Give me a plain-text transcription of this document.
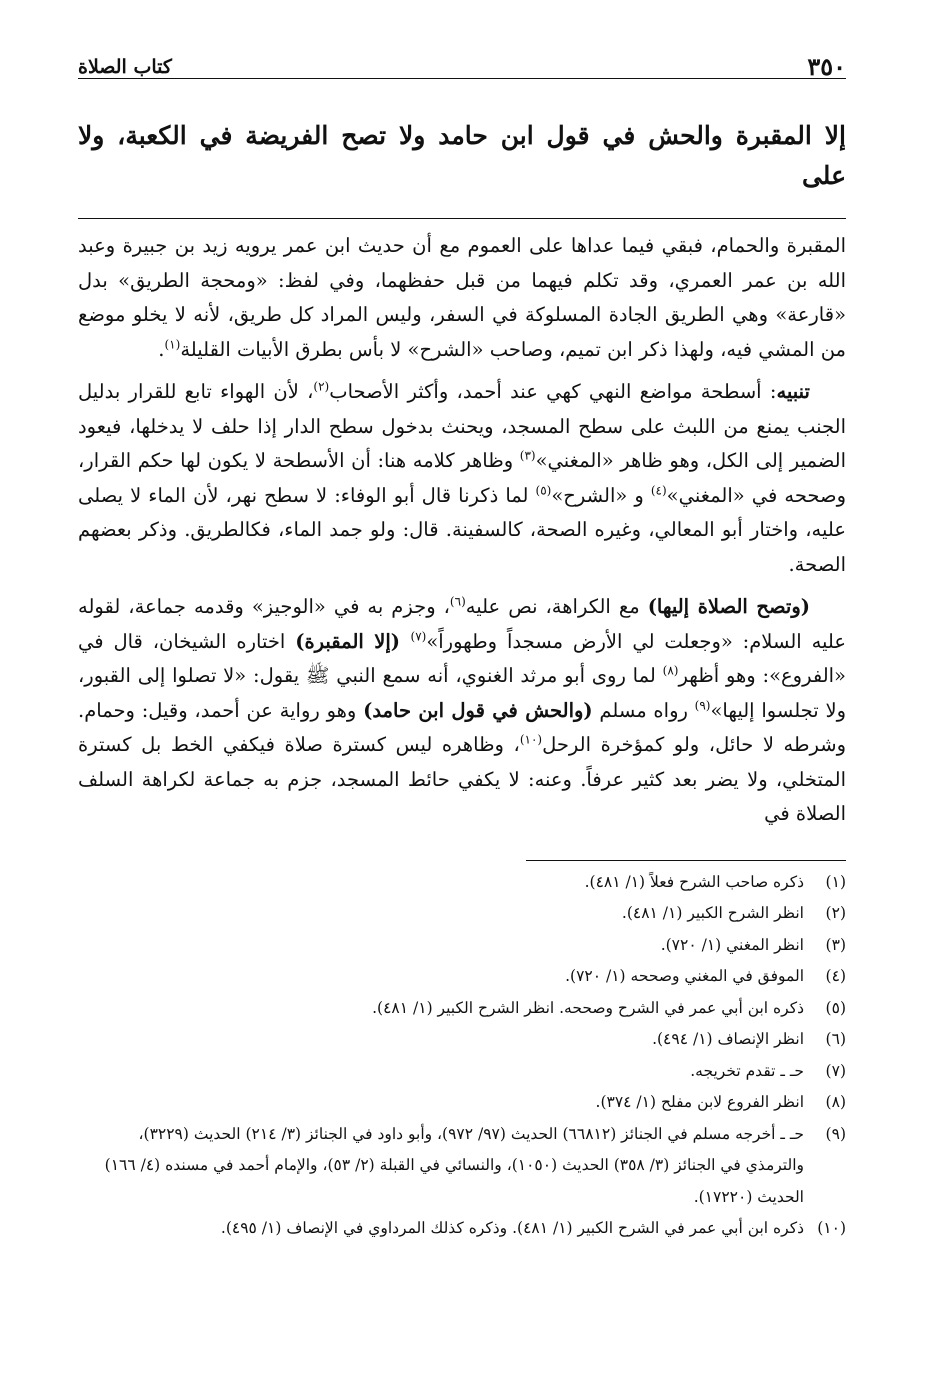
٣٥٠
كتاب الصلاة
إلا المقبرة والحش في قول ابن حامد ولا تصح الفريضة في الكعبة، ولا على

المقبرة والحمام، فبقي فيما عداها على العموم مع أن حديث ابن عمر يرويه زيد بن جبيرة وعبد الله بن عمر العمري، وقد تكلم فيهما من قبل حفظهما، وفي لفظ: «ومحجة الطريق» بدل «قارعة» وهي الطريق الجادة المسلوكة في السفر، وليس المراد كل طريق، لأنه لا يخلو موضع من المشي فيه، ولهذا ذكر ابن تميم، وصاحب «الشرح» لا بأس بطرق الأبيات القليلة$^{(١)}$.

تنبيه: أسطحة مواضع النهي كهي عند أحمد، وأكثر الأصحاب$^{(٢)}$، لأن الهواء تابع للقرار بدليل الجنب يمنع من اللبث على سطح المسجد، ويحنث بدخول سطح الدار إذا حلف لا يدخلها، فيعود الضمير إلى الكل، وهو ظاهر «المغني»$^{(٣)}$ وظاهر كلامه هنا: أن الأسطحة لا يكون لها حكم القرار، وصححه في «المغني»$^{(٤)}$ و «الشرح»$^{(٥)}$ لما ذكرنا قال أبو الوفاء: لا سطح نهر، لأن الماء لا يصلى عليه، واختار أبو المعالي، وغيره الصحة، كالسفينة. قال: ولو جمد الماء، فكالطريق. وذكر بعضهم الصحة.

(وتصح الصلاة إليها) مع الكراهة، نص عليه$^{(٦)}$، وجزم به في «الوجيز» وقدمه جماعة، لقوله عليه السلام: «وجعلت لي الأرض مسجداً وطهوراً»$^{(٧)}$ (إلا المقبرة) اختاره الشيخان، قال في «الفروع»: وهو أظهر$^{(٨)}$ لما روى أبو مرثد الغنوي، أنه سمع النبي ﷺ يقول: «لا تصلوا إلى القبور، ولا تجلسوا إليها»$^{(٩)}$ رواه مسلم (والحش في قول ابن حامد) وهو رواية عن أحمد، وقيل: وحمام. وشرطه لا حائل، ولو كمؤخرة الرحل$^{(١٠)}$، وظاهره ليس كسترة صلاة فيكفي الخط بل كسترة المتخلي، ولا يضر بعد كثير عرفاً. وعنه: لا يكفي حائط المسجد، جزم به جماعة لكراهة السلف الصلاة في

(١)
ذكره صاحب الشرح فعلاً (١/ ٤٨١).
(٢)
انظر الشرح الكبير (١/ ٤٨١).
(٣)
انظر المغني (١/ ٧٢٠).
(٤)
الموفق في المغني وصححه (١/ ٧٢٠).
(٥)
ذكره ابن أبي عمر في الشرح وصححه. انظر الشرح الكبير (١/ ٤٨١).
(٦)
انظر الإنصاف (١/ ٤٩٤).
(٧)
حـ ـ تقدم تخريجه.
(٨)
انظر الفروع لابن مفلح (١/ ٣٧٤).
(٩)
حـ ـ أخرجه مسلم في الجنائز (٦٦٨١٢) الحديث (٩٧/ ٩٧٢)، وأبو داود في الجنائز (٣/ ٢١٤) الحديث (٣٢٢٩)، والترمذي في الجنائز (٣/ ٣٥٨) الحديث (١٠٥٠)، والنسائي في القبلة (٢/ ٥٣)، والإمام أحمد في مسنده (٤/ ١٦٦) الحديث (١٧٢٢٠).
(١٠)
ذكره ابن أبي عمر في الشرح الكبير (١/ ٤٨١). وذكره كذلك المرداوي في الإنصاف (١/ ٤٩٥).
